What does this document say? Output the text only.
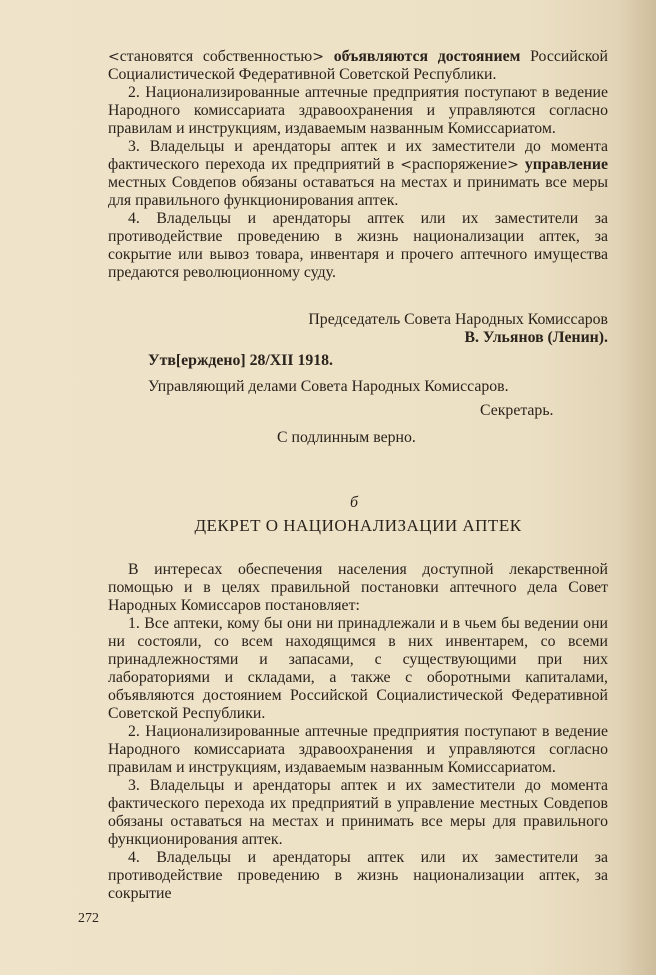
<становятся собственностью> объявляются достоянием Российской Социалистической Федеративной Советской Республики.

2. Национализированные аптечные предприятия поступают в ведение Народного комиссариата здравоохранения и управляются согласно правилам и инструкциям, издаваемым названным Комиссариатом.

3. Владельцы и арендаторы аптек и их заместители до момента фактического перехода их предприятий в <распоряжение> управление местных Совдепов обязаны оставаться на местах и принимать все меры для правильного функционирования аптек.

4. Владельцы и арендаторы аптек или их заместители за противодействие проведению в жизнь национализации аптек, за сокрытие или вывоз товара, инвентаря и прочего аптечного имущества предаются революционному суду.

Председатель Совета Народных Комиссаров
В. Ульянов (Ленин).
Утв[ерждено] 28/XII 1918.
Управляющий делами Совета Народных Комиссаров.
Секретарь.
С подлинным верно.
б
ДЕКРЕТ О НАЦИОНАЛИЗАЦИИ АПТЕК

В интересах обеспечения населения доступной лекарственной помощью и в целях правильной постановки аптечного дела Совет Народных Комиссаров постановляет:

1. Все аптеки, кому бы они ни принадлежали и в чьем бы ведении они ни состояли, со всем находящимся в них инвентарем, со всеми принадлежностями и запасами, с существующими при них лабораториями и складами, а также с оборотными капиталами, объявляются достоянием Российской Социалистической Федеративной Советской Республики.

2. Национализированные аптечные предприятия поступают в ведение Народного комиссариата здравоохранения и управляются согласно правилам и инструкциям, издаваемым названным Комиссариатом.

3. Владельцы и арендаторы аптек и их заместители до момента фактического перехода их предприятий в управление местных Совдепов обязаны оставаться на местах и принимать все меры для правильного функционирования аптек.

4. Владельцы и арендаторы аптек или их заместители за противодействие проведению в жизнь национализации аптек, за сокрытие

272
